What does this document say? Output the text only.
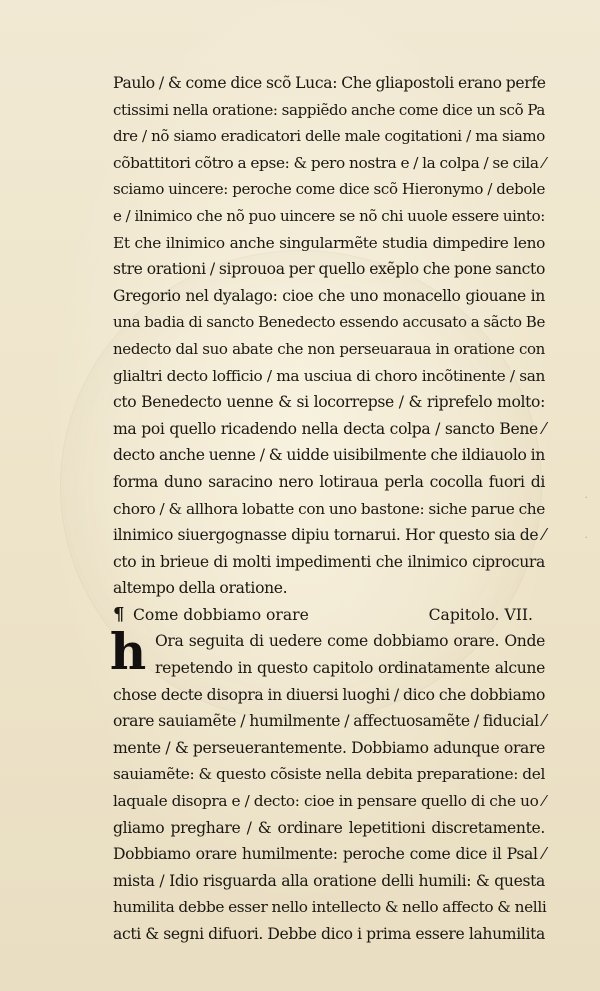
·
·
Paulo / & come dice scõ Luca: Che gliapostoli erano perfe
ctissimi nella oratione: sappiẽdo anche come dice un scõ Pa
dre / nõ siamo eradicatori delle male cogitationi / ma siamo
cõbattitori cõtro a epse: & pero nostra e / la colpa / se cila ⁄
sciamo uincere: peroche come dice scõ Hieronymo / debole
e / ilnimico che nõ puo uincere se nõ chi uuole essere uinto:
Et che ilnimico anche singularmẽte studia dimpedire leno
stre orationi / siprouoa per quello exẽplo che pone sancto
Gregorio nel dyalago: cioe che uno monacello giouane in
una badia di sancto Benedecto essendo accusato a sãcto Be
nedecto dal suo abate che non perseuaraua in oratione con
glialtri decto lofficio / ma usciua di choro incõtinente / san
cto Benedecto uenne & si locorrepse / & riprefelo molto:
ma poi quello ricadendo nella decta colpa / sancto Bene ⁄
decto anche uenne / & uidde uisibilmente che ildiauolo in
forma duno saracino nero lotiraua perla cocolla fuori di
choro / & allhora lobatte con uno bastone: siche parue che
ilnimico siuergognasse dipiu tornarui. Hor questo sia de ⁄
cto in brieue di molti impedimenti che ilnimico ciprocura
altempo della oratione.
¶ Come dobbiamo orare	Capitolo. VII.
h Ora seguita di uedere come dobbiamo orare. Onde
repetendo in questo capitolo ordinatamente alcune
chose decte disopra in diuersi luoghi / dico che dobbiamo
orare sauiamẽte / humilmente / affectuosamẽte / fiducial ⁄
mente / & perseuerantemente. Dobbiamo adunque orare
sauiamẽte: & questo cõsiste nella debita preparatione: del
laquale disopra e / decto: cioe in pensare quello di che uo ⁄
gliamo preghare / & ordinare lepetitioni discretamente.
Dobbiamo orare humilmente: peroche come dice il Psal ⁄
mista / Idio risguarda alla oratione delli humili: & questa
humilita debbe esser nello intellecto & nello affecto & nelli
acti & segni difuori. Debbe dico i prima essere lahumilita
